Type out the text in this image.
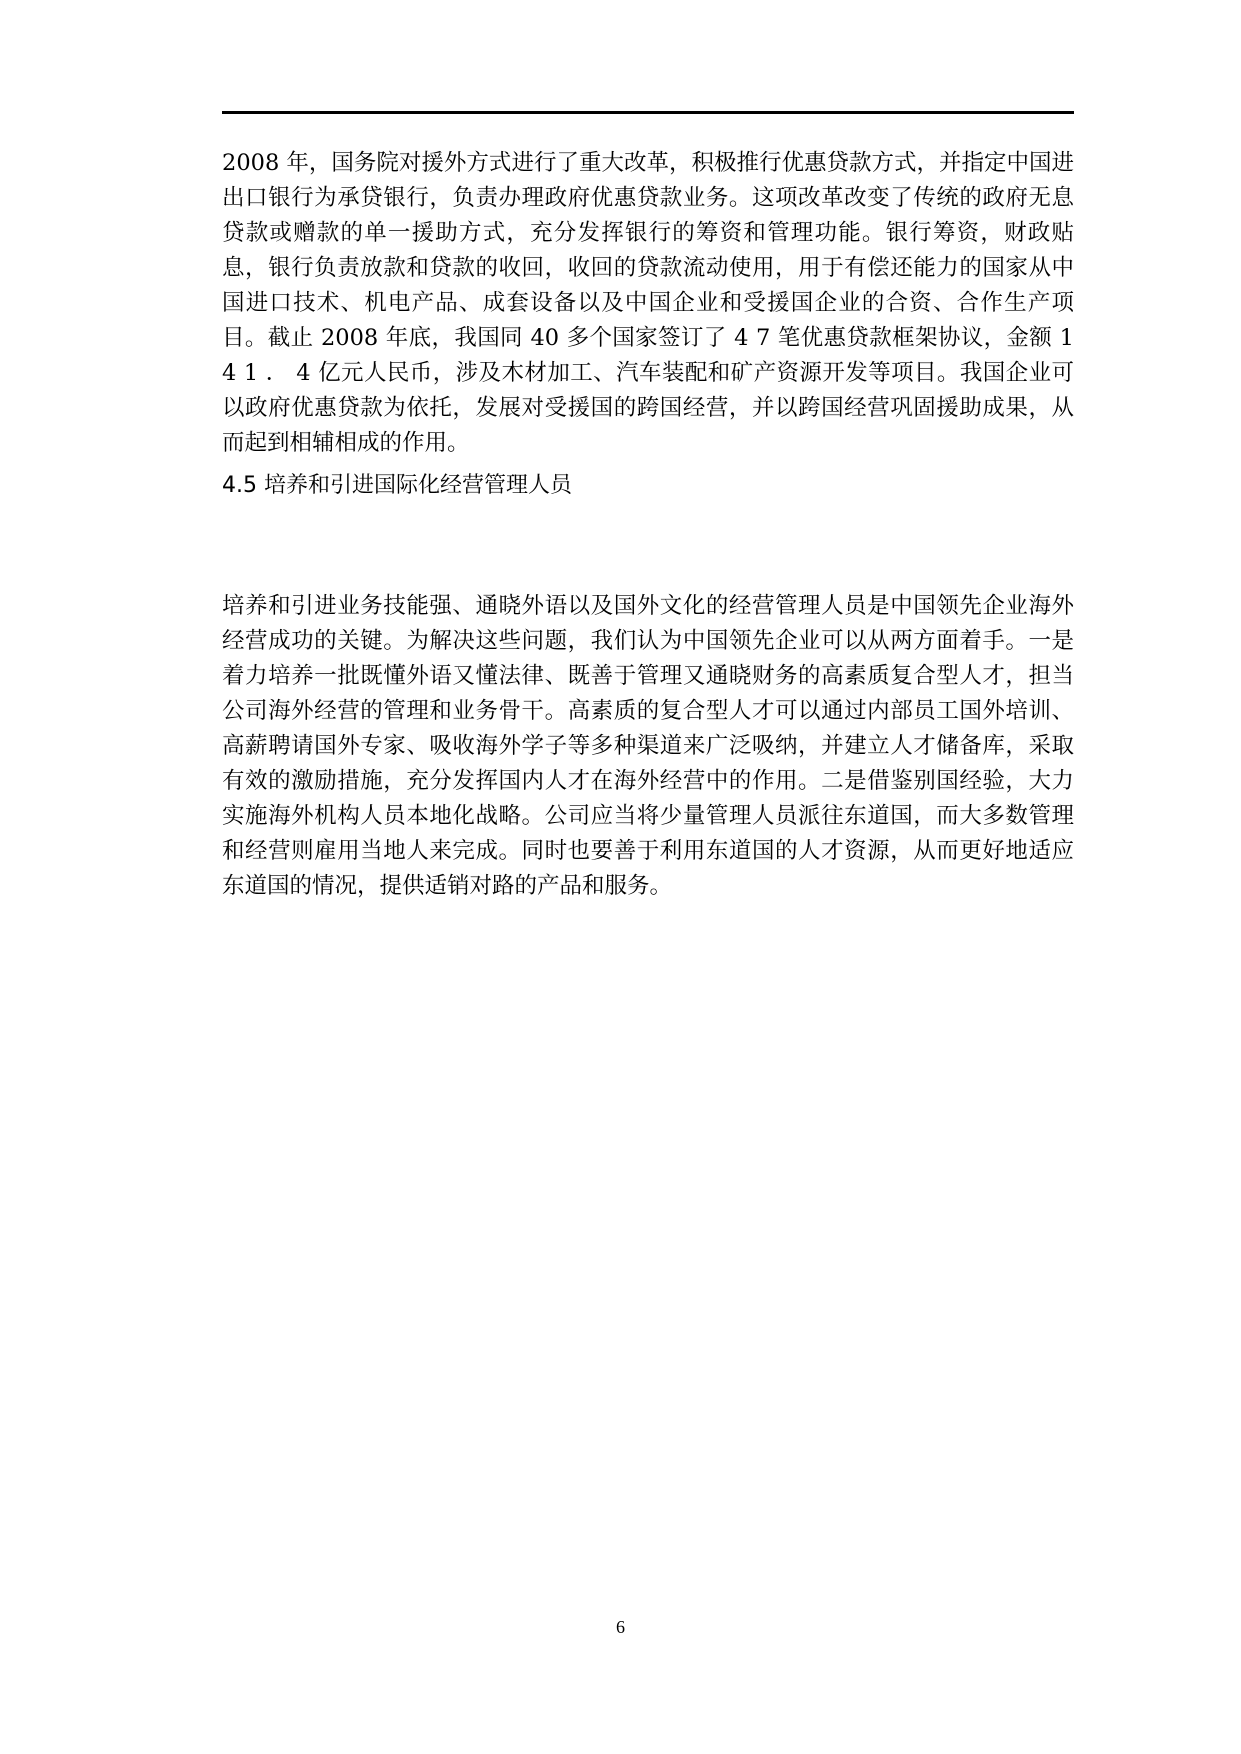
2008 年，国务院对援外方式进行了重大改革，积极推行优惠贷款方式，并指定中国进出口银行为承贷银行，负责办理政府优惠贷款业务。这项改革改变了传统的政府无息贷款或赠款的单一援助方式，充分发挥银行的筹资和管理功能。银行筹资，财政贴息，银行负责放款和贷款的收回，收回的贷款流动使用，用于有偿还能力的国家从中国进口技术、机电产品、成套设备以及中国企业和受援国企业的合资、合作生产项目。截止 2008 年底，我国同 40 多个国家签订了 4 7 笔优惠贷款框架协议，金额 1 4 1 ． 4 亿元人民币，涉及木材加工、汽车装配和矿产资源开发等项目。我国企业可以政府优惠贷款为依托，发展对受援国的跨国经营，并以跨国经营巩固援助成果，从而起到相辅相成的作用。

4.5 培养和引进国际化经营管理人员

培养和引进业务技能强、通晓外语以及国外文化的经营管理人员是中国领先企业海外经营成功的关键。为解决这些问题，我们认为中国领先企业可以从两方面着手。一是着力培养一批既懂外语又懂法律、既善于管理又通晓财务的高素质复合型人才，担当公司海外经营的管理和业务骨干。高素质的复合型人才可以通过内部员工国外培训、高薪聘请国外专家、吸收海外学子等多种渠道来广泛吸纳，并建立人才储备库，采取有效的激励措施，充分发挥国内人才在海外经营中的作用。二是借鉴别国经验，大力实施海外机构人员本地化战略。公司应当将少量管理人员派往东道国，而大多数管理和经营则雇用当地人来完成。同时也要善于利用东道国的人才资源，从而更好地适应东道国的情况，提供适销对路的产品和服务。

6
